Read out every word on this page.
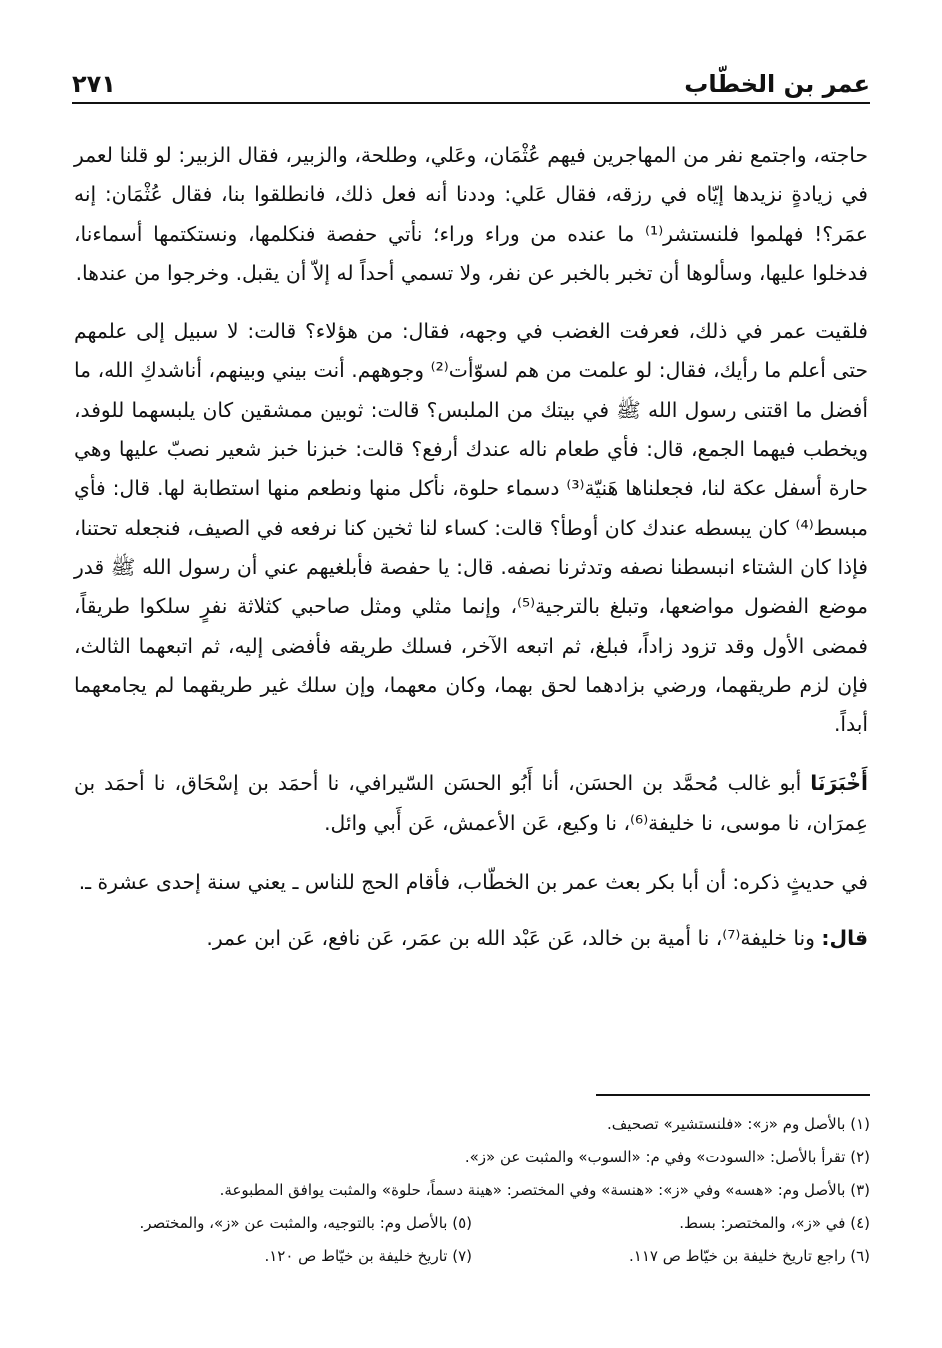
عمر بن الخطّاب
٢٧١

حاجته، واجتمع نفر من المهاجرين فيهم عُثْمَان، وعَلي، وطلحة، والزبير، فقال الزبير: لو قلنا لعمر في زيادةٍ نزيدها إيّاه في رزقه، فقال عَلي: وددنا أنه فعل ذلك، فانطلقوا بنا، فقال عُثْمَان: إنه عمَر؟! فهلموا فلنستشر⁽¹⁾ ما عنده من وراء وراء؛ نأتي حفصة فنكلمها، ونستكتمها أسماءنا، فدخلوا عليها، وسألوها أن تخبر بالخبر عن نفر، ولا تسمي أحداً له إلاّ أن يقبل. وخرجوا من عندها.

فلقيت عمر في ذلك، فعرفت الغضب في وجهه، فقال: من هؤلاء؟ قالت: لا سبيل إلى علمهم حتى أعلم ما رأيك، فقال: لو علمت من هم لسوّأت⁽²⁾ وجوههم. أنت بيني وبينهم، أناشدكِ الله، ما أفضل ما اقتنى رسول الله ﷺ في بيتك من الملبس؟ قالت: ثوبين ممشقين كان يلبسهما للوفد، ويخطب فيهما الجمع، قال: فأي طعام ناله عندك أرفع؟ قالت: خبزنا خبز شعير نصبّ عليها وهي حارة أسفل عكة لنا، فجعلناها هَنيّة⁽³⁾ دسماء حلوة، نأكل منها ونطعم منها استطابة لها. قال: فأي مبسط⁽⁴⁾ كان يبسطه عندك كان أوطأ؟ قالت: كساء لنا ثخين كنا نرفعه في الصيف، فنجعله تحتنا، فإذا كان الشتاء انبسطنا نصفه وتدثرنا نصفه. قال: يا حفصة فأبلغيهم عني أن رسول الله ﷺ قدر موضع الفضول مواضعها، وتبلغ بالترجية⁽⁵⁾، وإنما مثلي ومثل صاحبي كثلاثة نفرٍ سلكوا طريقاً، فمضى الأول وقد تزود زاداً، فبلغ، ثم اتبعه الآخر، فسلك طريقه فأفضى إليه، ثم اتبعهما الثالث، فإن لزم طريقهما، ورضي بزادهما لحق بهما، وكان معهما، وإن سلك غير طريقهما لم يجامعهما أبداً.

أَخْبَرَنَا أبو غالب مُحمَّد بن الحسَن، أنا أَبُو الحسَن السّيرافي، نا أحمَد بن إسْحَاق، نا أحمَد بن عِمرَان، نا موسى، نا خليفة⁽⁶⁾، نا وكيع، عَن الأعمش، عَن أَبي وائل.

في حديثٍ ذكره: أن أبا بكر بعث عمر بن الخطّاب، فأقام الحج للناس ـ يعني سنة إحدى عشرة ـ.

قال: ونا خليفة⁽⁷⁾، نا أمية بن خالد، عَن عَبْد الله بن عمَر، عَن نافع، عَن ابن عمر.

(١) بالأصل وم «ز»: «فلنستشير» تصحيف.
(٢) تقرأ بالأصل: «السودت» وفي م: «السوب» والمثبت عن «ز».
(٣) بالأصل وم: «هسه» وفي «ز»: «هنسة» وفي المختصر: «هينة دسماً، حلوة» والمثبت يوافق المطبوعة.
(٤) في «ز»، والمختصر: بسط.
(٥) بالأصل وم: بالتوجيه، والمثبت عن «ز»، والمختصر.
(٦) راجع تاريخ خليفة بن خيّاط ص ١١٧.
(٧) تاريخ خليفة بن خيّاط ص ١٢٠.
